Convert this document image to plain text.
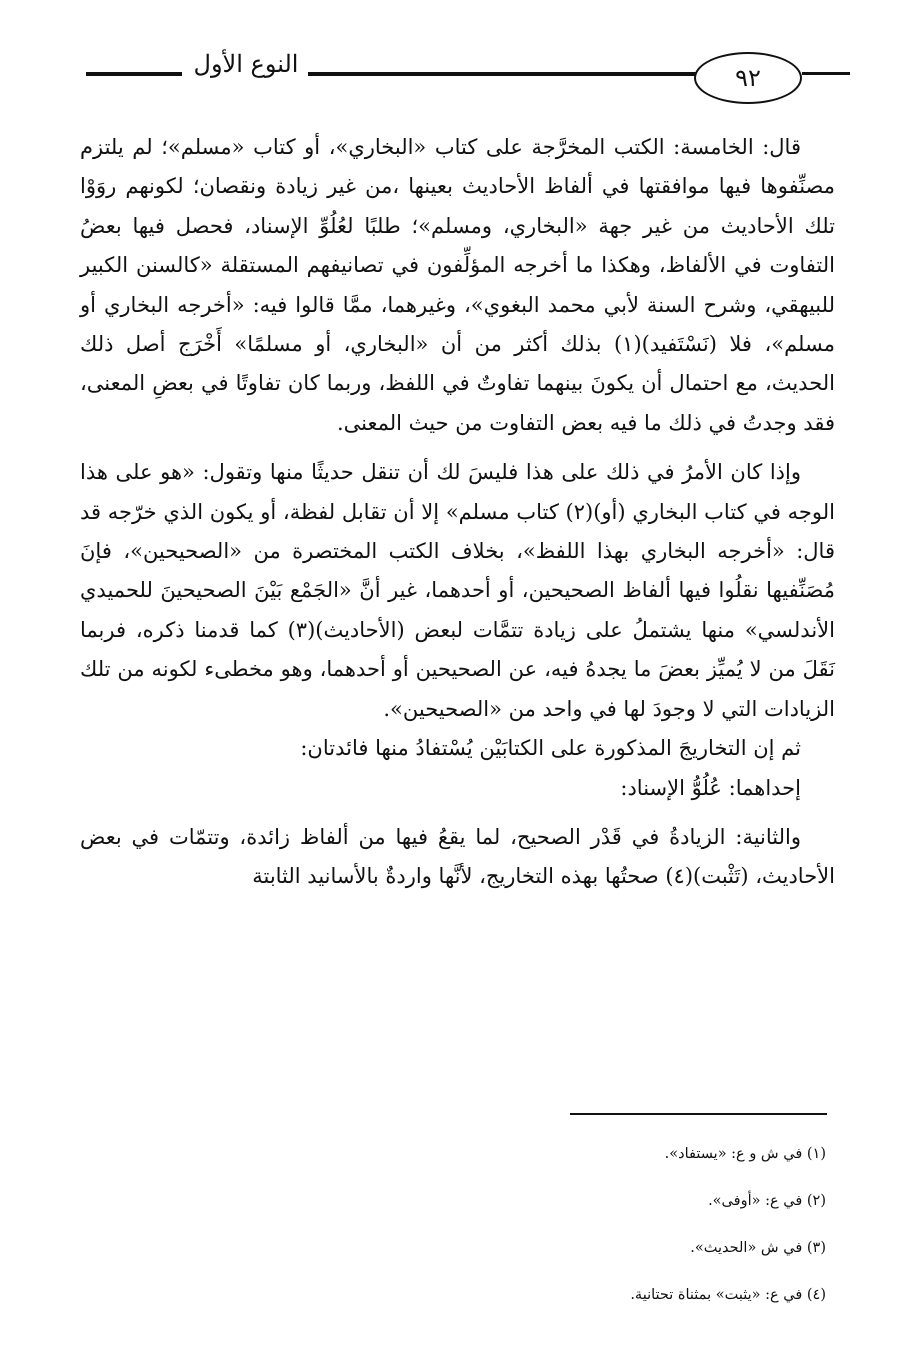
النوع الأول	٩٢

قال: الخامسة: الكتب المخرَّجة على كتاب «البخاري»، أو كتاب «مسلم»؛ لم يلتزم مصنِّفوها فيها موافقتها في ألفاظ الأحاديث بعينها ،من غير زيادة ونقصان؛ لكونهم روَوْا تلك الأحاديث من غير جهة «البخاري، ومسلم»؛ طلبًا لعُلُوِّ الإسناد، فحصل فيها بعضُ التفاوت في الألفاظ، وهكذا ما أخرجه المؤلِّفون في تصانيفهم المستقلة «كالسنن الكبير للبيهقي، وشرح السنة لأبي محمد البغوي»، وغيرهما، ممَّا قالوا فيه: «أخرجه البخاري أو مسلم»، فلا (نَسْتَفيد)(١) بذلك أكثر من أن «البخاري، أو مسلمًا» أَخْرَج أصل ذلك الحديث، مع احتمال أن يكونَ بينهما تفاوتٌ في اللفظ، وربما كان تفاوتًا في بعضِ المعنى، فقد وجدتُ في ذلك ما فيه بعض التفاوت من حيث المعنى.

وإذا كان الأمرُ في ذلك على هذا فليسَ لك أن تنقل حديثًا منها وتقول: «هو على هذا الوجه في كتاب البخاري (أو)(٢) كتاب مسلم» إلا أن تقابل لفظة، أو يكون الذي خرّجه قد قال: «أخرجه البخاري بهذا اللفظ»، بخلاف الكتب المختصرة من «الصحيحين»، فإنَ مُصَنِّفيها نقلُوا فيها ألفاظ الصحيحين، أو أحدهما، غير أنَّ «الجَمْع بَيْنَ الصحيحينَ للحميدي الأندلسي» منها يشتملُ على زيادة تتمَّات لبعض (الأحاديث)(٣) كما قدمنا ذكره، فربما نَقَلَ من لا يُميِّز بعضَ ما يجدهُ فيه، عن الصحيحين أو أحدهما، وهو مخطىء لكونه من تلك الزيادات التي لا وجودَ لها في واحد من «الصحيحين».

ثم إن التخاريجَ المذكورة على الكتابَيْن يُسْتفادُ منها فائدتان:

إحداهما: عُلُوُّ الإسناد:

والثانية: الزيادةُ في قَدْر الصحيح، لما يقعُ فيها من ألفاظ زائدة، وتتمّات في بعض الأحاديث، (تَثْبت)(٤) صحتُها بهذه التخاريج، لأنَّها واردةٌ بالأسانيد الثابتة

(١) في ش و ع: «يستفاد».
(٢) في ع: «أوفى».
(٣) في ش «الحديث».
(٤) في ع: «يثبت» بمثناة تحتانية.
